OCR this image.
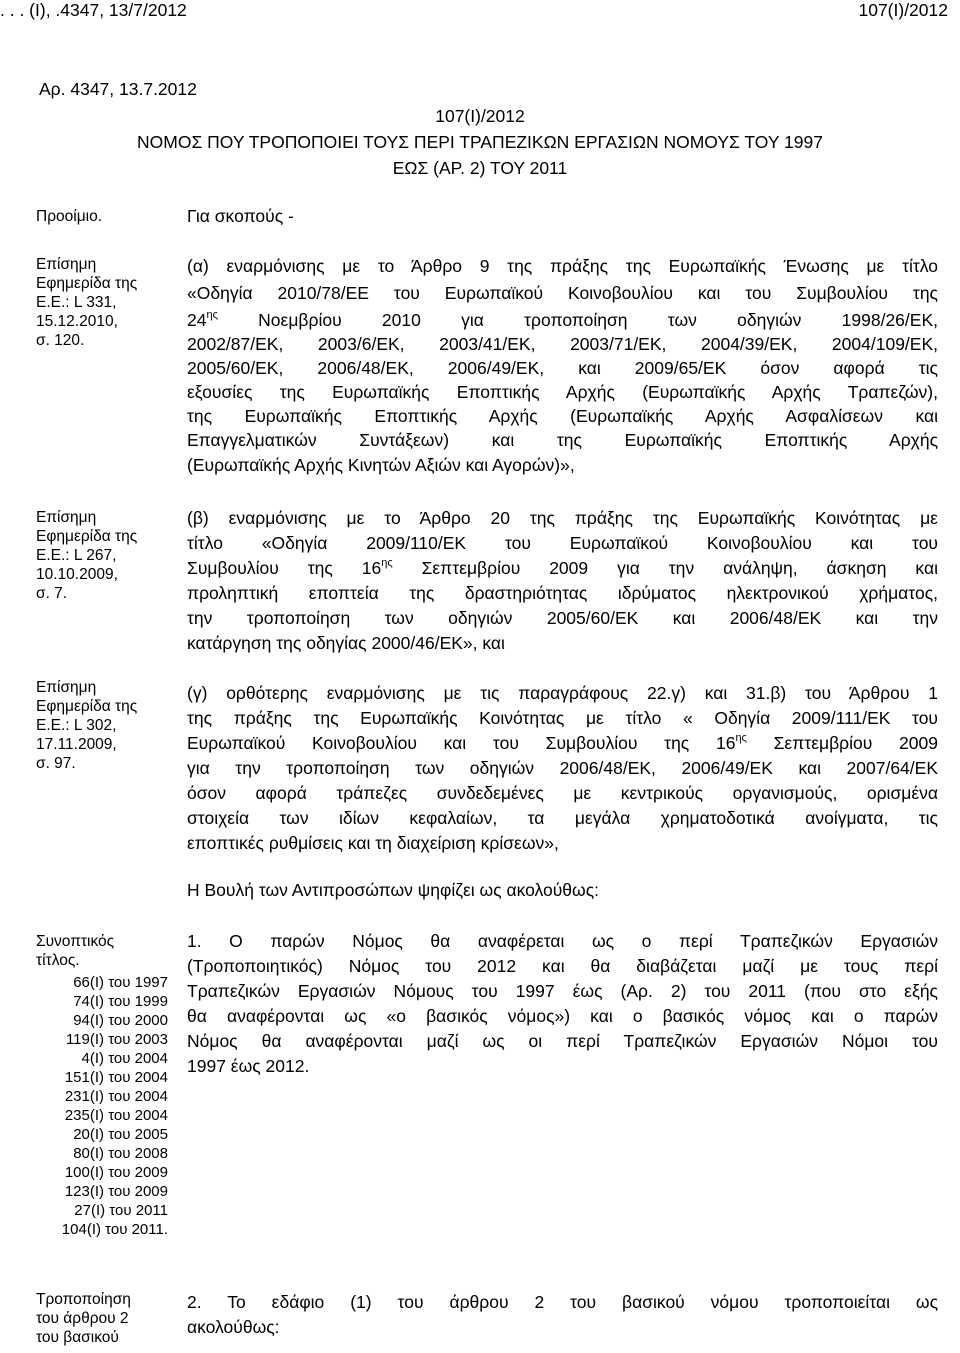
. . . (Ι), .4347, 13/7/2012	107(Ι)/2012
Αρ. 4347, 13.7.2012
107(Ι)/2012
ΝΟΜΟΣ ΠΟΥ ΤΡΟΠΟΠΟΙΕΙ ΤΟΥΣ ΠΕΡΙ ΤΡΑΠΕΖΙΚΩΝ ΕΡΓΑΣΙΩΝ ΝΟΜΟΥΣ ΤΟΥ 1997
ΕΩΣ (ΑΡ. 2) ΤΟΥ 2011
Προοίμιο.	Για σκοπούς -
Επίσημη
Εφημερίδα της
Ε.Ε.: L 331,
15.12.2010,
σ. 120.
Επίσημη
Εφημερίδα της
Ε.Ε.: L 267,
10.10.2009,
σ. 7.
Επίσημη
Εφημερίδα της
Ε.Ε.: L 302,
17.11.2009,
σ. 97.
(α) εναρμόνισης με το Άρθρο 9 της πράξης της Ευρωπαϊκής Ένωσης με τίτλο
«Οδηγία 2010/78/ΕΕ του Ευρωπαϊκού Κοινοβουλίου και του Συμβουλίου της
$24^{\eta\varsigma}$ Νοεμβρίου 2010 για τροποποίηση των οδηγιών 1998/26/ΕΚ,
2002/87/ΕΚ, 2003/6/ΕΚ, 2003/41/ΕΚ, 2003/71/ΕΚ, 2004/39/ΕΚ, 2004/109/ΕΚ,
2005/60/ΕΚ, 2006/48/ΕΚ, 2006/49/ΕΚ, και 2009/65/ΕΚ όσον αφορά τις
εξουσίες της Ευρωπαϊκής Εποπτικής Αρχής (Ευρωπαϊκής Αρχής Τραπεζών),
της Ευρωπαϊκής Εποπτικής Αρχής (Ευρωπαϊκής Αρχής Ασφαλίσεων και
Επαγγελματικών Συντάξεων) και της Ευρωπαϊκής Εποπτικής Αρχής
(Ευρωπαϊκής Αρχής Κινητών Αξιών και Αγορών)»,
(β) εναρμόνισης με το Άρθρο 20 της πράξης της Ευρωπαϊκής Κοινότητας με
τίτλο «Οδηγία 2009/110/ΕΚ του Ευρωπαϊκού Κοινοβουλίου και του
Συμβουλίου της $16^{\eta\varsigma}$ Σεπτεμβρίου 2009 για την ανάληψη, άσκηση και
προληπτική εποπτεία της δραστηριότητας ιδρύματος ηλεκτρονικού χρήματος,
την τροποποίηση των οδηγιών 2005/60/ΕΚ και 2006/48/ΕΚ και την
κατάργηση της οδηγίας 2000/46/ΕΚ», και
(γ) ορθότερης εναρμόνισης με τις παραγράφους 22.γ) και 31.β) του Άρθρου 1
της πράξης της Ευρωπαϊκής Κοινότητας με τίτλο « Οδηγία 2009/111/ΕΚ του
Ευρωπαϊκού Κοινοβουλίου και του Συμβουλίου της $16^{\eta\varsigma}$ Σεπτεμβρίου 2009
για την τροποποίηση των οδηγιών 2006/48/ΕΚ, 2006/49/ΕΚ και 2007/64/ΕΚ
όσον αφορά τράπεζες συνδεδεμένες με κεντρικούς οργανισμούς, ορισμένα
στοιχεία των ιδίων κεφαλαίων, τα μεγάλα χρηματοδοτικά ανοίγματα, τις
εποπτικές ρυθμίσεις και τη διαχείριση κρίσεων»,
Η Βουλή των Αντιπροσώπων ψηφίζει ως ακολούθως:
Συνοπτικός
τίτλος.
66(Ι) του 1997
74(Ι) του 1999
94(Ι) του 2000
119(Ι) του 2003
4(Ι) του 2004
151(Ι) του 2004
231(Ι) του 2004
235(Ι) του 2004
20(Ι) του 2005
80(Ι) του 2008
100(Ι) του 2009
123(Ι) του 2009
27(Ι) του 2011
104(Ι) του 2011.
1. Ο παρών Νόμος θα αναφέρεται ως ο περί Τραπεζικών Εργασιών
(Τροποποιητικός) Νόμος του 2012 και θα διαβάζεται μαζί με τους περί
Τραπεζικών Εργασιών Νόμους του 1997 έως (Αρ. 2) του 2011 (που στο εξής
θα αναφέρονται ως «ο βασικός νόμος») και ο βασικός νόμος και ο παρών
Νόμος θα αναφέρονται μαζί ως οι περί Τραπεζικών Εργασιών Νόμοι του
1997 έως 2012.
Τροποποίηση
του άρθρου 2
του βασικού
2. Το εδάφιο (1) του άρθρου 2 του βασικού νόμου τροποποιείται ως
ακολούθως:
